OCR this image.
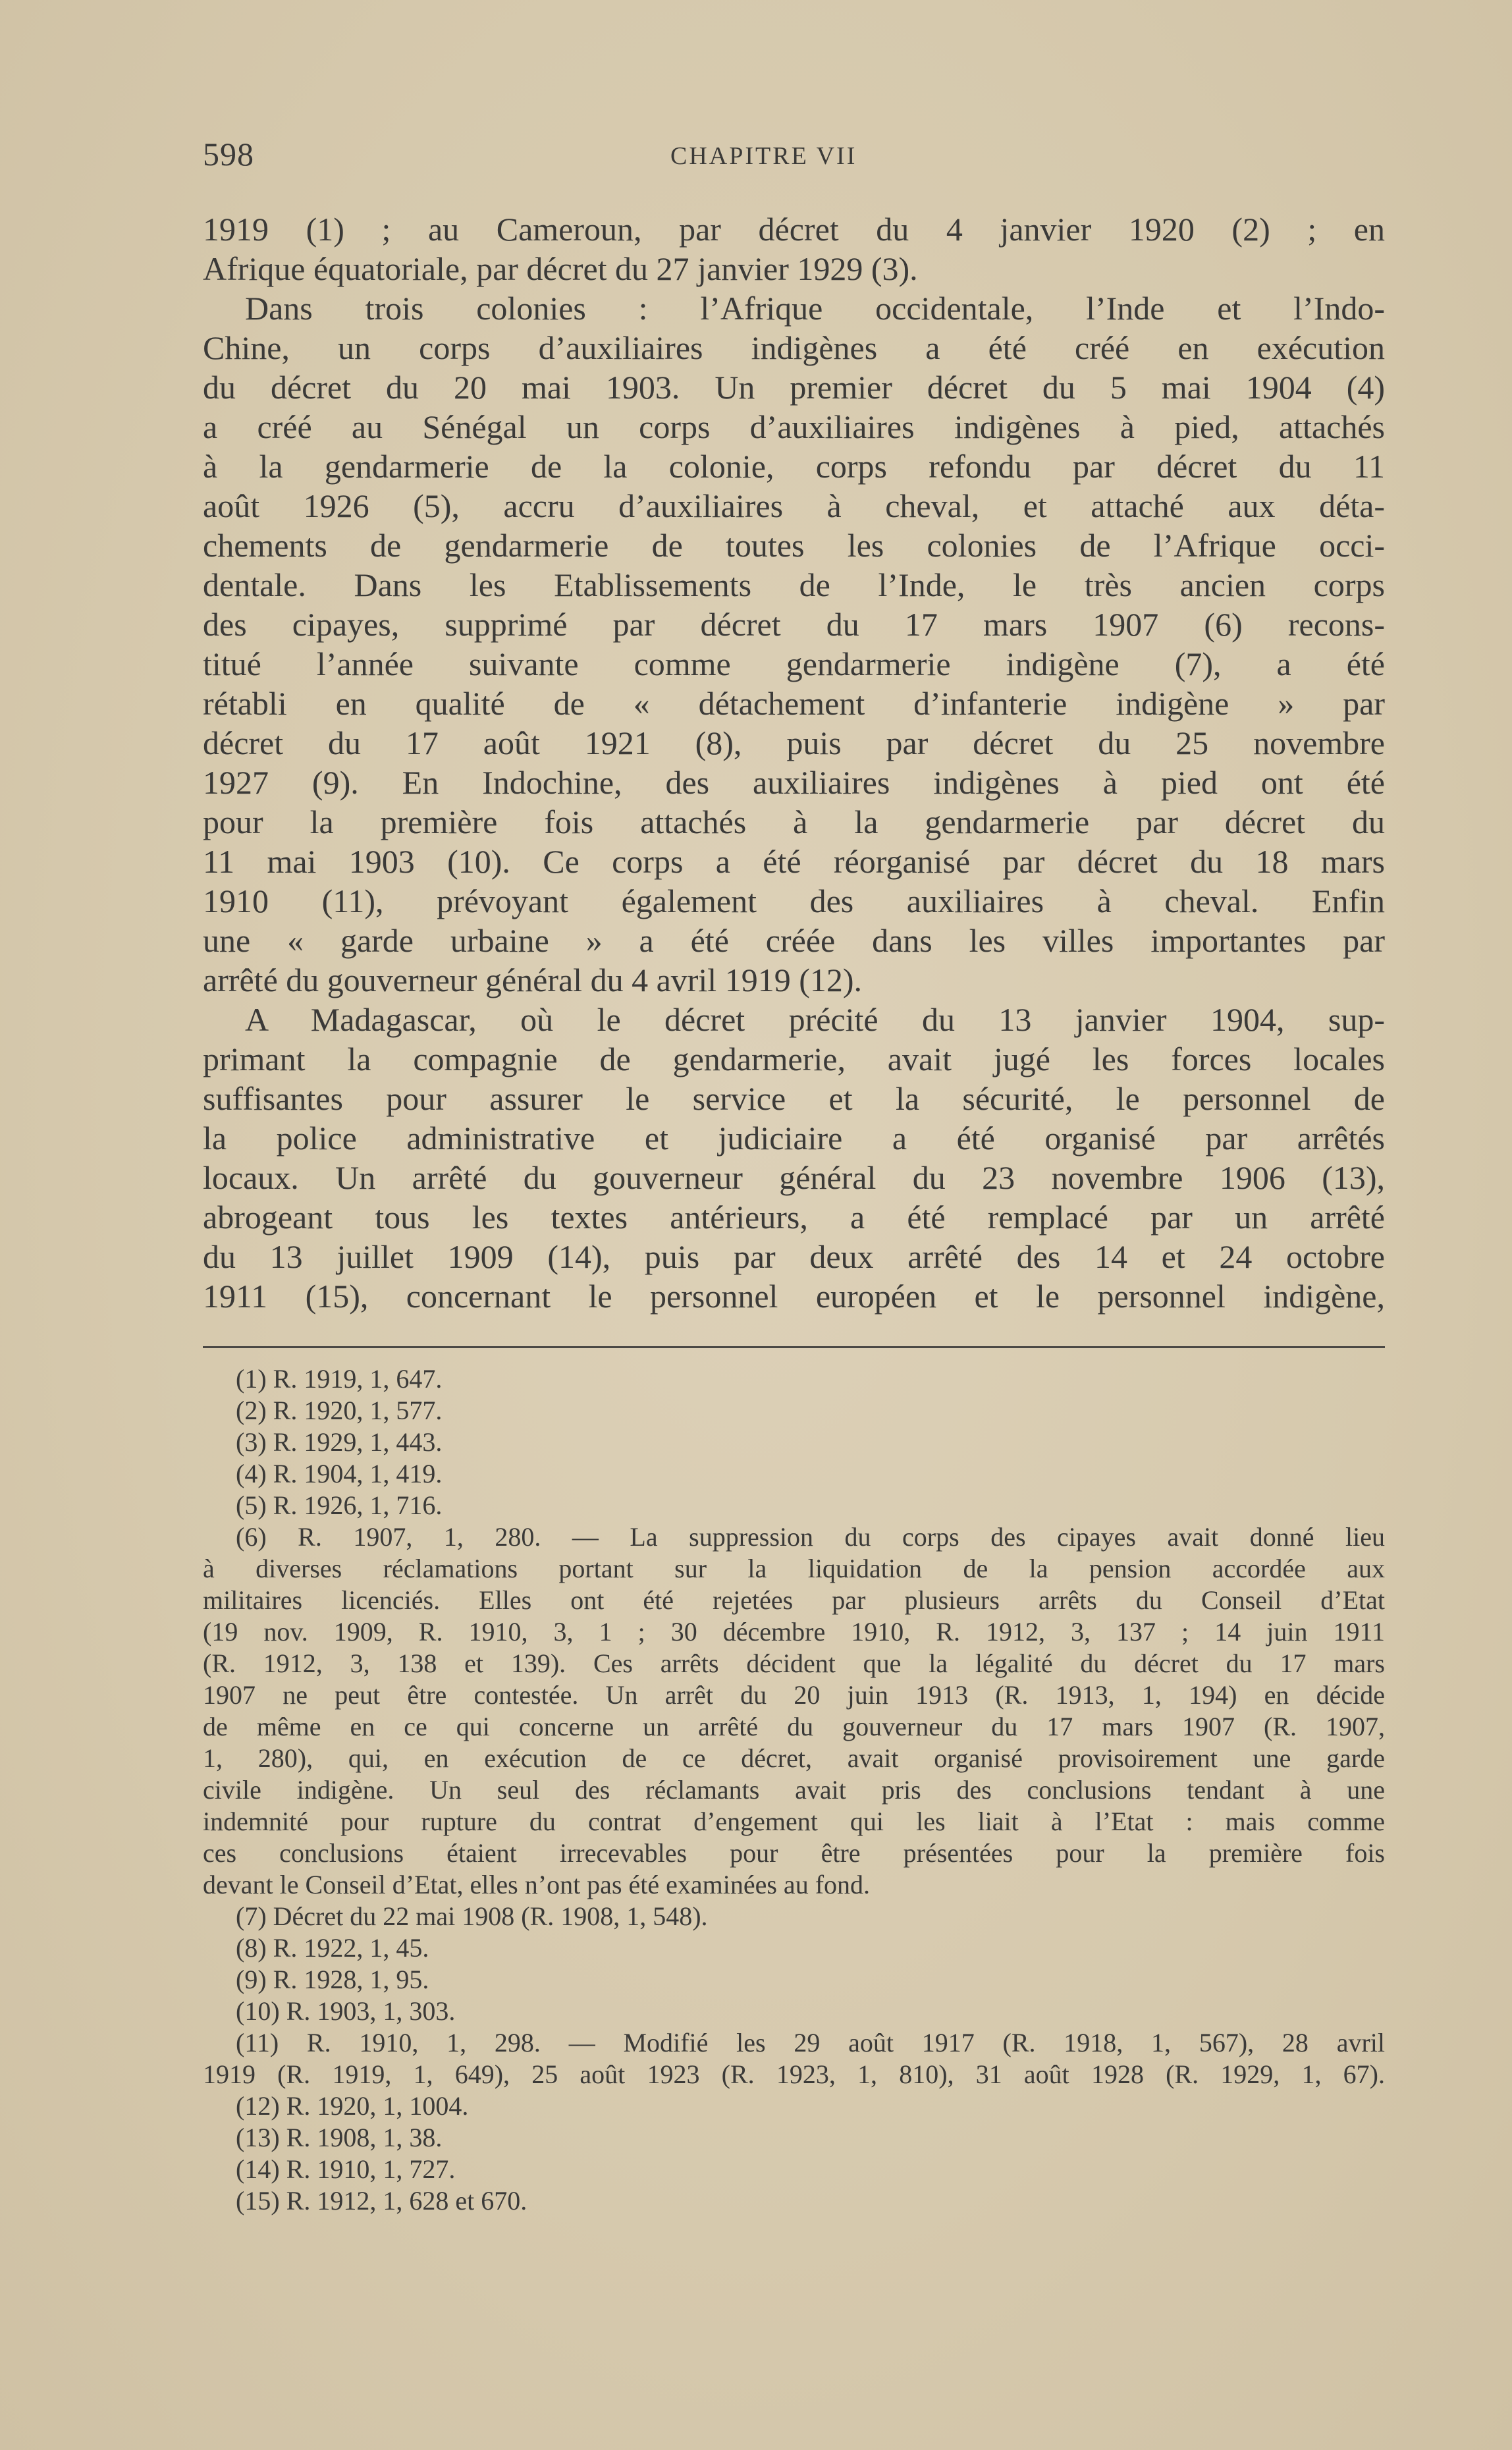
598	CHAPITRE VII
1919 (1) ; au Cameroun, par décret du 4 janvier 1920 (2) ; en
Afrique équatoriale, par décret du 27 janvier 1929 (3).
Dans trois colonies : l’Afrique occidentale, l’Inde et l’Indo-
Chine, un corps d’auxiliaires indigènes a été créé en exécution
du décret du 20 mai 1903. Un premier décret du 5 mai 1904 (4)
a créé au Sénégal un corps d’auxiliaires indigènes à pied, attachés
à la gendarmerie de la colonie, corps refondu par décret du 11
août 1926 (5), accru d’auxiliaires à cheval, et attaché aux déta-
chements de gendarmerie de toutes les colonies de l’Afrique occi-
dentale. Dans les Etablissements de l’Inde, le très ancien corps
des cipayes, supprimé par décret du 17 mars 1907 (6) recons-
titué l’année suivante comme gendarmerie indigène (7), a été
rétabli en qualité de « détachement d’infanterie indigène » par
décret du 17 août 1921 (8), puis par décret du 25 novembre
1927 (9). En Indochine, des auxiliaires indigènes à pied ont été
pour la première fois attachés à la gendarmerie par décret du
11 mai 1903 (10). Ce corps a été réorganisé par décret du 18 mars
1910 (11), prévoyant également des auxiliaires à cheval. Enfin
une « garde urbaine » a été créée dans les villes importantes par
arrêté du gouverneur général du 4 avril 1919 (12).
A Madagascar, où le décret précité du 13 janvier 1904, sup-
primant la compagnie de gendarmerie, avait jugé les forces locales
suffisantes pour assurer le service et la sécurité, le personnel de
la police administrative et judiciaire a été organisé par arrêtés
locaux. Un arrêté du gouverneur général du 23 novembre 1906 (13),
abrogeant tous les textes antérieurs, a été remplacé par un arrêté
du 13 juillet 1909 (14), puis par deux arrêté des 14 et 24 octobre
1911 (15), concernant le personnel européen et le personnel indigène,
(1) R. 1919, 1, 647.
(2) R. 1920, 1, 577.
(3) R. 1929, 1, 443.
(4) R. 1904, 1, 419.
(5) R. 1926, 1, 716.
(6) R. 1907, 1, 280. — La suppression du corps des cipayes avait donné lieu
à diverses réclamations portant sur la liquidation de la pension accordée aux
militaires licenciés. Elles ont été rejetées par plusieurs arrêts du Conseil d’Etat
(19 nov. 1909, R. 1910, 3, 1 ; 30 décembre 1910, R. 1912, 3, 137 ; 14 juin 1911
(R. 1912, 3, 138 et 139). Ces arrêts décident que la légalité du décret du 17 mars
1907 ne peut être contestée. Un arrêt du 20 juin 1913 (R. 1913, 1, 194) en décide
de même en ce qui concerne un arrêté du gouverneur du 17 mars 1907 (R. 1907,
1, 280), qui, en exécution de ce décret, avait organisé provisoirement une garde
civile indigène. Un seul des réclamants avait pris des conclusions tendant à une
indemnité pour rupture du contrat d’engement qui les liait à l’Etat : mais comme
ces conclusions étaient irrecevables pour être présentées pour la première fois
devant le Conseil d’Etat, elles n’ont pas été examinées au fond.
(7) Décret du 22 mai 1908 (R. 1908, 1, 548).
(8) R. 1922, 1, 45.
(9) R. 1928, 1, 95.
(10) R. 1903, 1, 303.
(11) R. 1910, 1, 298. — Modifié les 29 août 1917 (R. 1918, 1, 567), 28 avril
1919 (R. 1919, 1, 649), 25 août 1923 (R. 1923, 1, 810), 31 août 1928 (R. 1929, 1, 67).
(12) R. 1920, 1, 1004.
(13) R. 1908, 1, 38.
(14) R. 1910, 1, 727.
(15) R. 1912, 1, 628 et 670.
